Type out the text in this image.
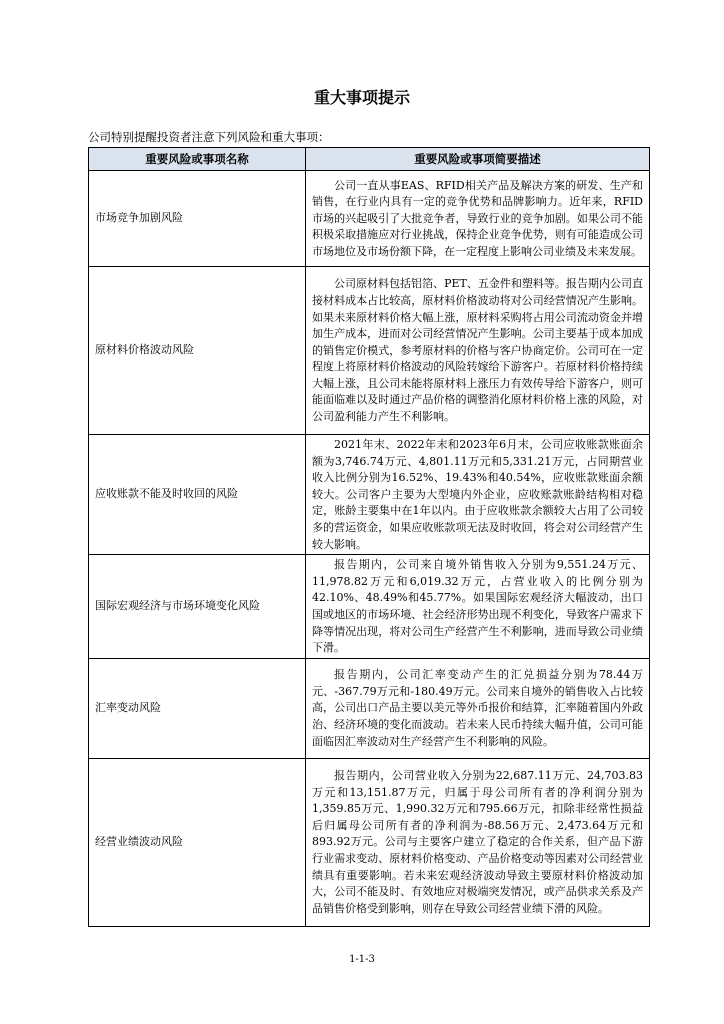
重大事项提示
公司特别提醒投资者注意下列风险和重大事项：
重要风险或事项名称	重要风险或事项简要描述
市场竞争加剧风险	公司一直从事EAS、RFID相关产品及解决方案的研发、生产和销售，在行业内具有一定的竞争优势和品牌影响力。近年来，RFID市场的兴起吸引了大批竞争者，导致行业的竞争加剧。如果公司不能积极采取措施应对行业挑战，保持企业竞争优势，则有可能造成公司市场地位及市场份额下降，在一定程度上影响公司业绩及未来发展。
原材料价格波动风险	公司原材料包括铝箔、PET、五金件和塑料等。报告期内公司直接材料成本占比较高，原材料价格波动将对公司经营情况产生影响。如果未来原材料价格大幅上涨，原材料采购将占用公司流动资金并增加生产成本，进而对公司经营情况产生影响。公司主要基于成本加成的销售定价模式，参考原材料的价格与客户协商定价。公司可在一定程度上将原材料价格波动的风险转嫁给下游客户。若原材料价格持续大幅上涨，且公司未能将原材料上涨压力有效传导给下游客户，则可能面临难以及时通过产品价格的调整消化原材料价格上涨的风险，对公司盈利能力产生不利影响。
应收账款不能及时收回的风险	2021年末、2022年末和2023年6月末，公司应收账款账面余额为3,746.74万元、4,801.11万元和5,331.21万元，占同期营业收入比例分别为16.52%、19.43%和40.54%，应收账款账面余额较大。公司客户主要为大型境内外企业，应收账款账龄结构相对稳定，账龄主要集中在1年以内。由于应收账款余额较大占用了公司较多的营运资金，如果应收账款项无法及时收回，将会对公司经营产生较大影响。
国际宏观经济与市场环境变化风险	报告期内，公司来自境外销售收入分别为9,551.24万元、11,978.82万元和6,019.32万元，占营业收入的比例分别为42.10%、48.49%和45.77%。如果国际宏观经济大幅波动，出口国或地区的市场环境、社会经济形势出现不利变化，导致客户需求下降等情况出现，将对公司生产经营产生不利影响，进而导致公司业绩下滑。
汇率变动风险	报告期内，公司汇率变动产生的汇兑损益分别为78.44万元、-367.79万元和-180.49万元。公司来自境外的销售收入占比较高，公司出口产品主要以美元等外币报价和结算，汇率随着国内外政治、经济环境的变化而波动。若未来人民币持续大幅升值，公司可能面临因汇率波动对生产经营产生不利影响的风险。
经营业绩波动风险	报告期内，公司营业收入分别为22,687.11万元、24,703.83万元和13,151.87万元，归属于母公司所有者的净利润分别为1,359.85万元、1,990.32万元和795.66万元，扣除非经常性损益后归属母公司所有者的净利润为-88.56万元、2,473.64万元和893.92万元。公司与主要客户建立了稳定的合作关系，但产品下游行业需求变动、原材料价格变动、产品价格变动等因素对公司经营业绩具有重要影响。若未来宏观经济波动导致主要原材料价格波动加大，公司不能及时、有效地应对极端突发情况，或产品供求关系及产品销售价格受到影响，则存在导致公司经营业绩下滑的风险。
1-1-3
